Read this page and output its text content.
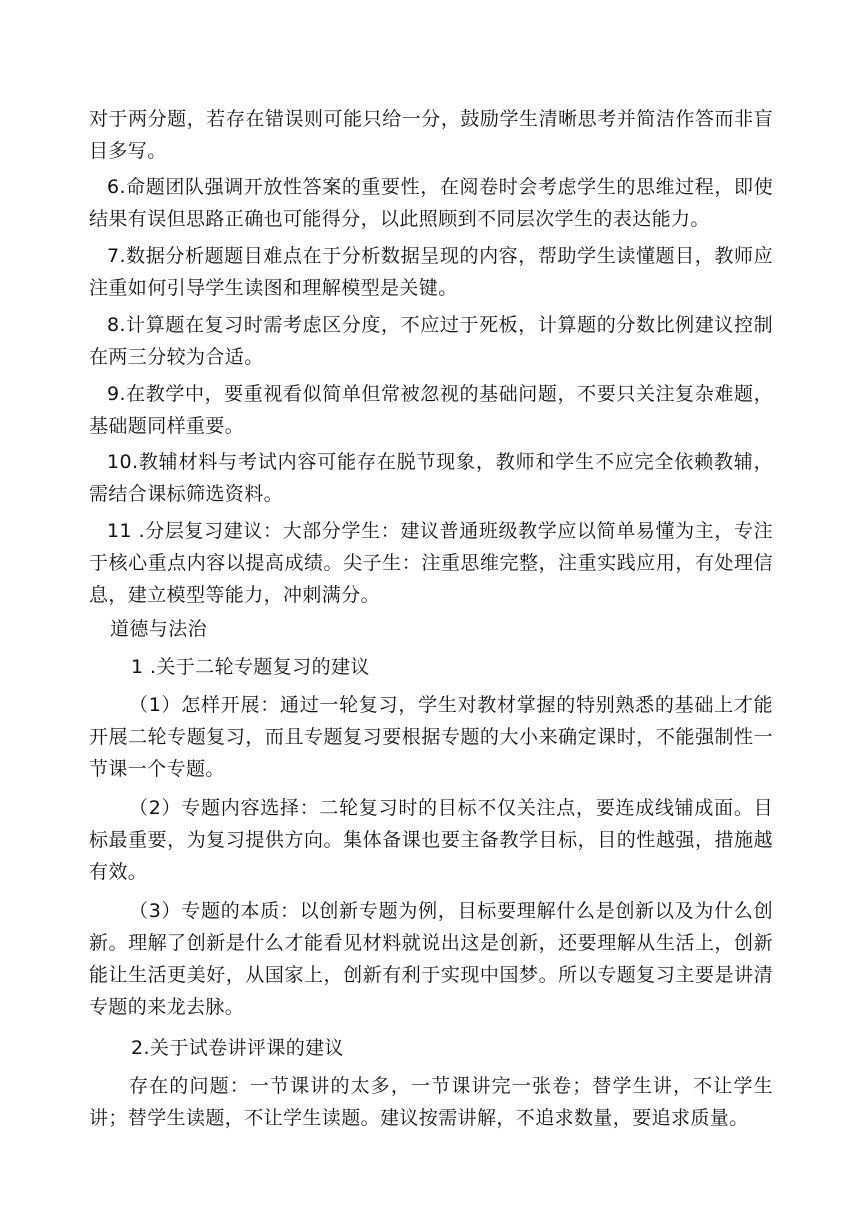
对于两分题，若存在错误则可能只给一分，鼓励学生清晰思考并简洁作答而非盲目多写。

6.命题团队强调开放性答案的重要性，在阅卷时会考虑学生的思维过程，即使结果有误但思路正确也可能得分，以此照顾到不同层次学生的表达能力。

7.数据分析题题目难点在于分析数据呈现的内容，帮助学生读懂题目，教师应注重如何引导学生读图和理解模型是关键。

8.计算题在复习时需考虑区分度，不应过于死板，计算题的分数比例建议控制在两三分较为合适。

9.在教学中，要重视看似简单但常被忽视的基础问题，不要只关注复杂难题，基础题同样重要。

10.教辅材料与考试内容可能存在脱节现象，教师和学生不应完全依赖教辅，需结合课标筛选资料。

11 .分层复习建议：大部分学生：建议普通班级教学应以简单易懂为主，专注于核心重点内容以提高成绩。尖子生：注重思维完整，注重实践应用，有处理信息，建立模型等能力，冲刺满分。

道德与法治

1 .关于二轮专题复习的建议

（1）怎样开展：通过一轮复习，学生对教材掌握的特别熟悉的基础上才能开展二轮专题复习，而且专题复习要根据专题的大小来确定课时，不能强制性一节课一个专题。

（2）专题内容选择：二轮复习时的目标不仅关注点，要连成线铺成面。目标最重要，为复习提供方向。集体备课也要主备教学目标，目的性越强，措施越有效。

（3）专题的本质：以创新专题为例，目标要理解什么是创新以及为什么创新。理解了创新是什么才能看见材料就说出这是创新，还要理解从生活上，创新能让生活更美好，从国家上，创新有利于实现中国梦。所以专题复习主要是讲清专题的来龙去脉。

2.关于试卷讲评课的建议

存在的问题：一节课讲的太多，一节课讲完一张卷；替学生讲，不让学生讲；替学生读题，不让学生读题。建议按需讲解，不追求数量，要追求质量。
